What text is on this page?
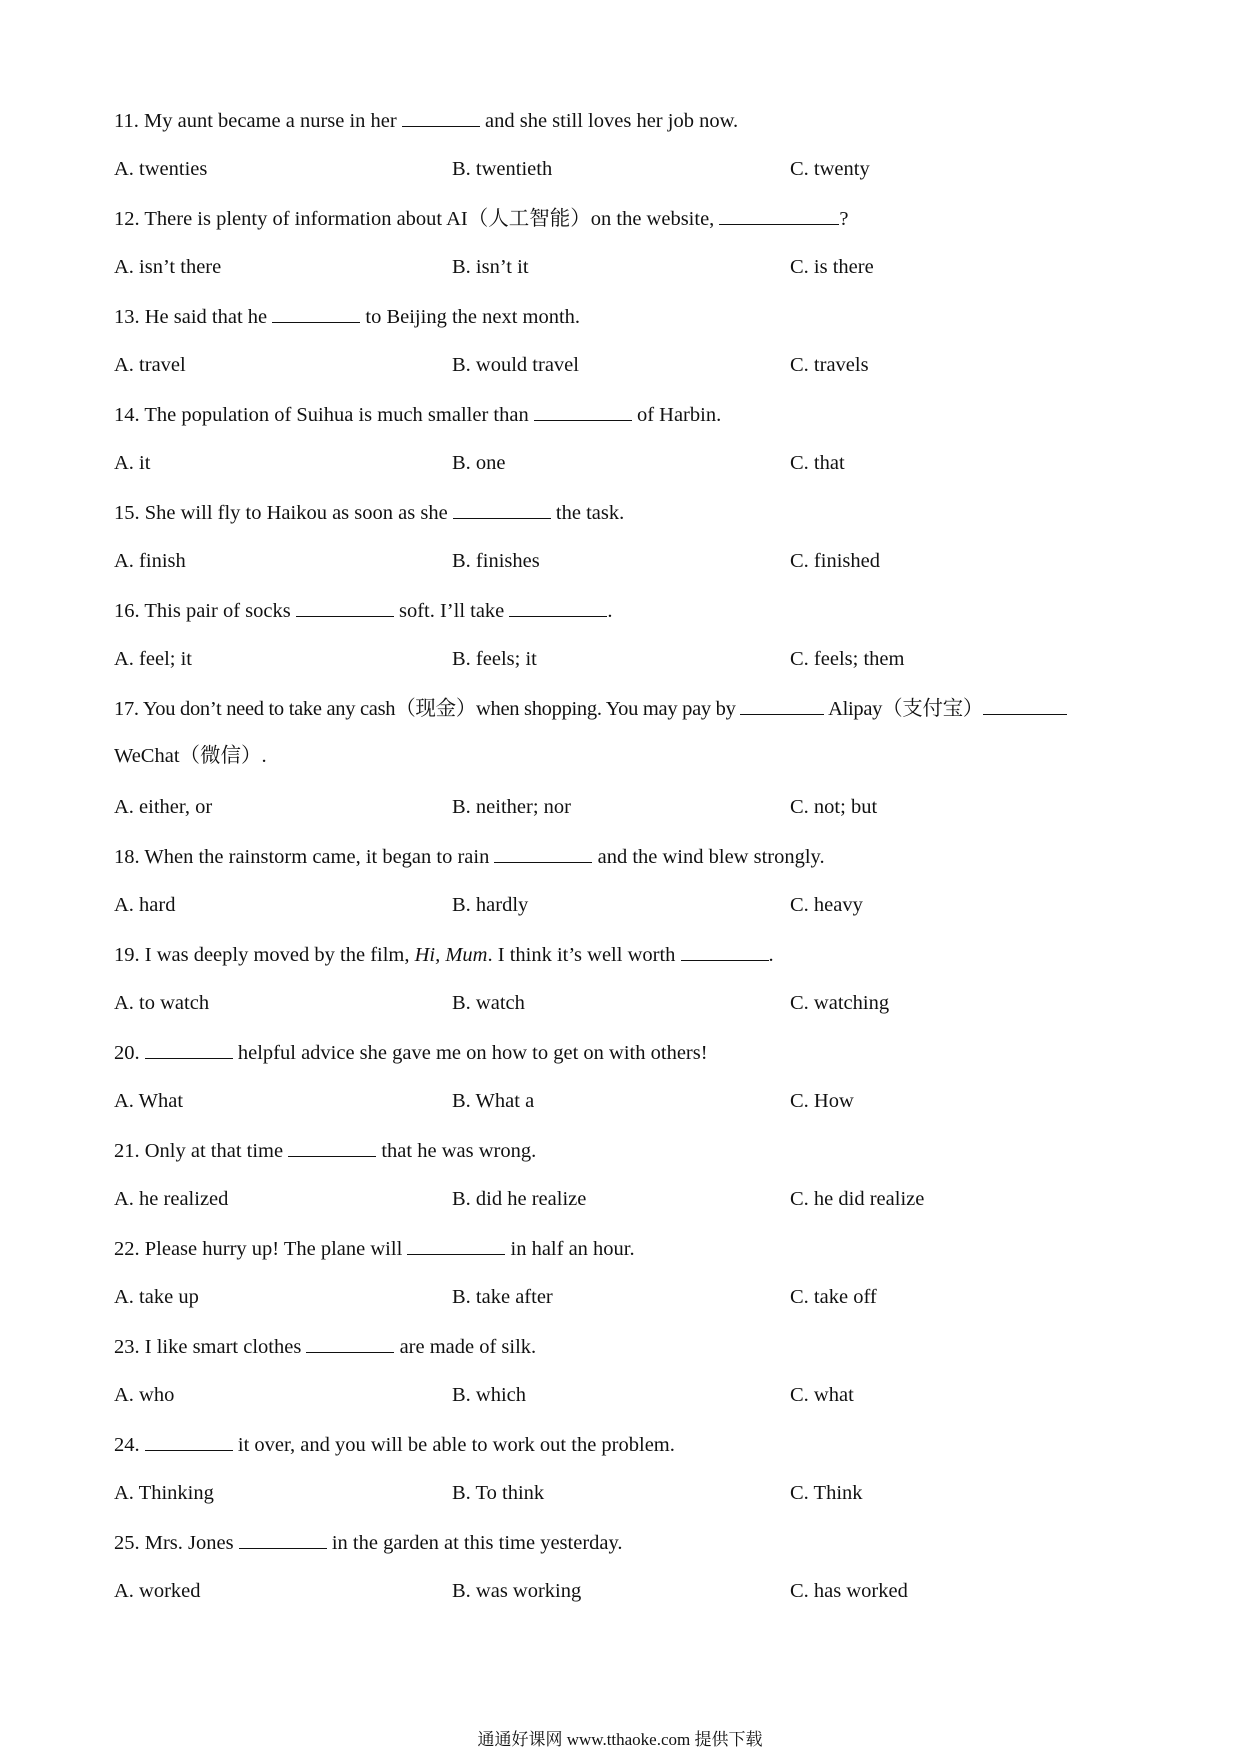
11. My aunt became a nurse in her	and she still loves her job now.
A. twenties	B. twentieth	C. twenty
12. There is plenty of information about AI（人工智能）on the website,	?
A. isn’t there	B. isn’t it	C. is there
13. He said that he	to Beijing the next month.
A. travel	B. would travel	C. travels
14. The population of Suihua is much smaller than	of Harbin.
A. it	B. one	C. that
15. She will fly to Haikou as soon as she	the task.
A. finish	B. finishes	C. finished
16. This pair of socks	soft. I’ll take	.
A. feel; it	B. feels; it	C. feels; them
17. You don’t need to take any cash（现金）when shopping. You may pay by	Alipay（支付宝）
WeChat（微信）.
A. either, or	B. neither; nor	C. not; but
18. When the rainstorm came, it began to rain	and the wind blew strongly.
A. hard	B. hardly	C. heavy
19. I was deeply moved by the film, Hi, Mum. I think it’s well worth	.
A. to watch	B. watch	C. watching
20.	helpful advice she gave me on how to get on with others!
A. What	B. What a	C. How
21. Only at that time	that he was wrong.
A. he realized	B. did he realize	C. he did realize
22. Please hurry up! The plane will	in half an hour.
A. take up	B. take after	C. take off
23. I like smart clothes	are made of silk.
A. who	B. which	C. what
24.	it over, and you will be able to work out the problem.
A. Thinking	B. To think	C. Think
25. Mrs. Jones	in the garden at this time yesterday.
A. worked	B. was working	C. has worked
通通好课网 www.tthaoke.com 提供下载
